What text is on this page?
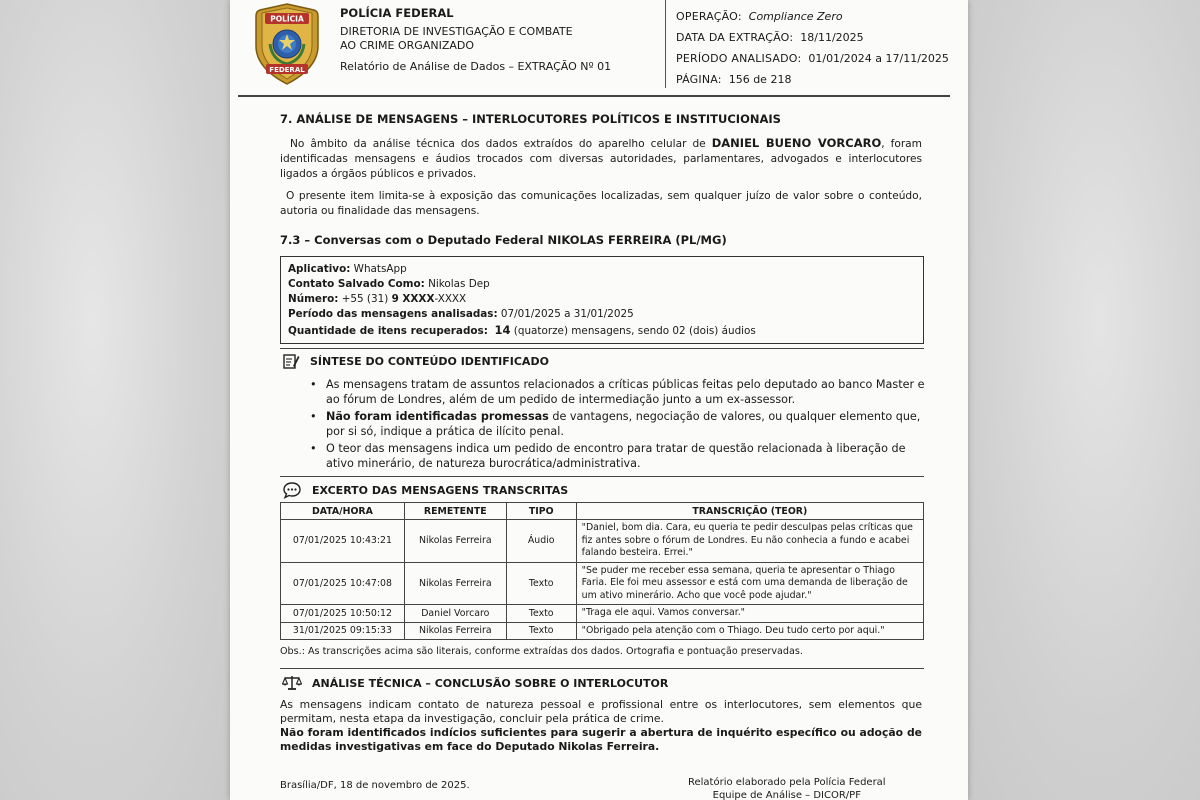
POLÍCIA
FEDERAL
POLÍCIA FEDERAL
DIRETORIA DE INVESTIGAÇÃO E COMBATE
AO CRIME ORGANIZADO
Relatório de Análise de Dados – EXTRAÇÃO Nº 01
OPERAÇÃO: Compliance Zero
DATA DA EXTRAÇÃO: 18/11/2025
PERÍODO ANALISADO: 01/01/2024 a 17/11/2025
PÁGINA: 156 de 218
7. ANÁLISE DE MENSAGENS – INTERLOCUTORES POLÍTICOS E INSTITUCIONAIS
No âmbito da análise técnica dos dados extraídos do aparelho celular de DANIEL BUENO VORCARO, foram identificadas mensagens e áudios trocados com diversas autoridades, parlamentares, advogados e interlocutores ligados a órgãos públicos e privados.
O presente item limita-se à exposição das comunicações localizadas, sem qualquer juízo de valor sobre o conteúdo, autoria ou finalidade das mensagens.
7.3 – Conversas com o Deputado Federal NIKOLAS FERREIRA (PL/MG)
Aplicativo: WhatsApp
Contato Salvado Como: Nikolas Dep
Número: +55 (31) 9 XXXX-XXXX
Período das mensagens analisadas: 07/01/2025 a 31/01/2025
Quantidade de itens recuperados: 14 (quatorze) mensagens, sendo 02 (dois) áudios
SÍNTESE DO CONTEÚDO IDENTIFICADO
• As mensagens tratam de assuntos relacionados a críticas públicas feitas pelo deputado ao banco Master e ao fórum de Londres, além de um pedido de intermediação junto a um ex-assessor.
• Não foram identificadas promessas de vantagens, negociação de valores, ou qualquer elemento que, por si só, indique a prática de ilícito penal.
• O teor das mensagens indica um pedido de encontro para tratar de questão relacionada à liberação de ativo minerário, de natureza burocrática/administrativa.
EXCERTO DAS MENSAGENS TRANSCRITAS
DATA/HORA	REMETENTE	TIPO	TRANSCRIÇÃO (TEOR)
07/01/2025 10:43:21	Nikolas Ferreira	Áudio	"Daniel, bom dia. Cara, eu queria te pedir desculpas pelas críticas que fiz antes sobre o fórum de Londres. Eu não conhecia a fundo e acabei falando besteira. Errei."
07/01/2025 10:47:08	Nikolas Ferreira	Texto	"Se puder me receber essa semana, queria te apresentar o Thiago Faria. Ele foi meu assessor e está com uma demanda de liberação de um ativo minerário. Acho que você pode ajudar."
07/01/2025 10:50:12	Daniel Vorcaro	Texto	"Traga ele aqui. Vamos conversar."
31/01/2025 09:15:33	Nikolas Ferreira	Texto	"Obrigado pela atenção com o Thiago. Deu tudo certo por aqui."
Obs.: As transcrições acima são literais, conforme extraídas dos dados. Ortografia e pontuação preservadas.
ANÁLISE TÉCNICA – CONCLUSÃO SOBRE O INTERLOCUTOR
As mensagens indicam contato de natureza pessoal e profissional entre os interlocutores, sem elementos que permitam, nesta etapa da investigação, concluir pela prática de crime.
Não foram identificados indícios suficientes para sugerir a abertura de inquérito específico ou adoção de medidas investigativas em face do Deputado Nikolas Ferreira.
Brasília/DF, 18 de novembro de 2025.	Relatório elaborado pela Polícia Federal
Equipe de Análise – DICOR/PF
